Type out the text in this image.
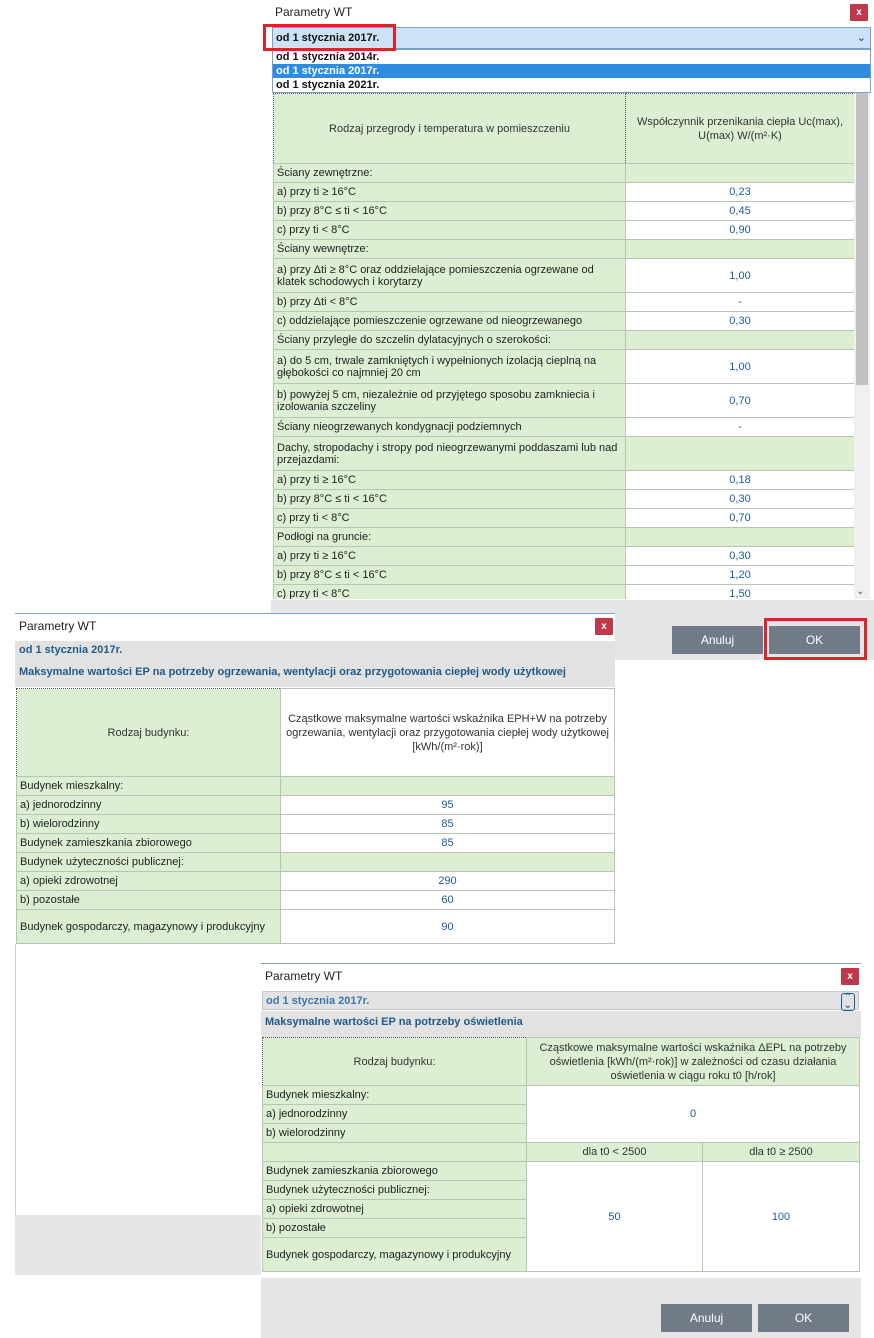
Parametry WT	x
od 1 stycznia 2017r.	⌄
od 1 stycznia 2014r.
od 1 stycznia 2017r.
od 1 stycznia 2021r.
Rodzaj przegrody i temperatura w pomieszczeniu	Współczynnik przenikania ciepła Uc(max), U(max) W/(m²·K)
Ściany zewnętrzne:	
a) przy ti ≥ 16°C	0,23
b) przy 8°C ≤ ti < 16°C	0,45
c) przy ti < 8°C	0,90
Ściany wewnętrze:	
a) przy Δti ≥ 8°C oraz oddzielające pomieszczenia ogrzewane od klatek schodowych i korytarzy	1,00
b) przy Δti < 8°C	-
c) oddzielające pomieszczenie ogrzewane od nieogrzewanego	0,30
Ściany przyległe do szczelin dylatacyjnych o szerokości:	
a) do 5 cm, trwale zamkniętych i wypełnionych izolacją cieplną na głębokości co najmniej 20 cm	1,00
b) powyżej 5 cm, niezależnie od przyjętego sposobu zamkniecia i izolowania szczeliny	0,70
Ściany nieogrzewanych kondygnacji podziemnych	-
Dachy, stropodachy i stropy pod nieogrzewanymi poddaszami lub nad przejazdami:	
a) przy ti ≥ 16°C	0,18
b) przy 8°C ≤ ti < 16°C	0,30
c) przy ti < 8°C	0,70
Podłogi na gruncie:	
a) przy ti ≥ 16°C	0,30
b) przy 8°C ≤ ti < 16°C	1,20
c) przy ti < 8°C	1,50	⌄
Parametry WT	x
od 1 stycznia 2017r.
Maksymalne wartości EP na potrzeby ogrzewania, wentylacji oraz przygotowania ciepłej wody użytkowej
Rodzaj budynku:	Cząstkowe maksymalne wartości wskaźnika EPH+W na potrzeby ogrzewania, wentylacji oraz przygotowania ciepłej wody użytkowej [kWh/(m²·rok)]
Budynek mieszkalny:	
a) jednorodzinny	95
b) wielorodzinny	85
Budynek zamieszkania zbiorowego	85
Budynek użyteczności publicznej:	
a) opieki zdrowotnej	290
b) pozostałe	60
Budynek gospodarczy, magazynowy i produkcyjny	90
Anuluj	OK
Parametry WT	x
od 1 stycznia 2017r.	⌃
⌄
Maksymalne wartości EP na potrzeby oświetlenia
Rodzaj budynku:	Cząstkowe maksymalne wartości wskaźnika ΔEPL na potrzeby oświetlenia [kWh/(m²·rok)] w zależności od czasu działania oświetlenia w ciągu roku t0 [h/rok]	
Budynek mieszkalny:	0	
a) jednorodzinny		
b) wielorodzinny		
	dla t0 < 2500	dla t0 ≥ 2500
Budynek zamieszkania zbiorowego	50	100
Budynek użyteczności publicznej:		
a) opieki zdrowotnej		
b) pozostałe		
Budynek gospodarczy, magazynowy i produkcyjny		
Anuluj	OK
